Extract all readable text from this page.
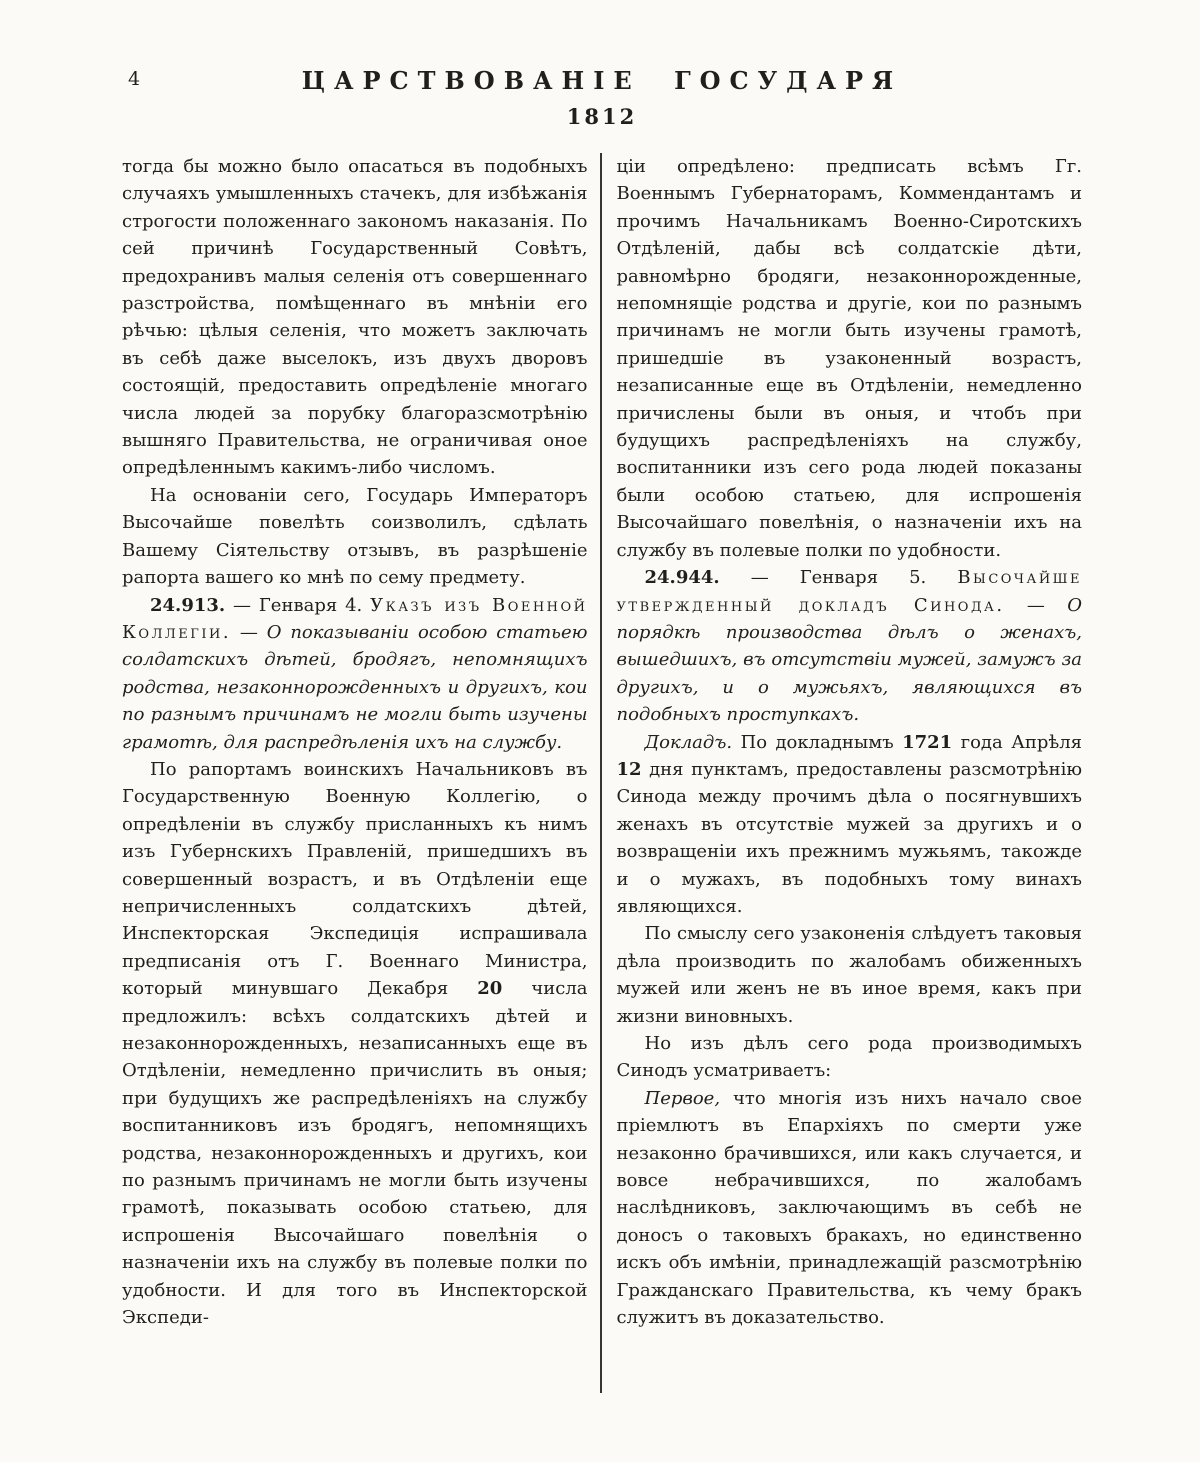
4	ЦАРСТВОВАНІЕ ГОСУДАРЯ
1812

тогда бы можно было опасаться въ подобныхъ случаяхъ умышленныхъ стачекъ, для избѣжанія строгости положеннаго закономъ наказанія. По сей причинѣ Государственный Совѣтъ, предохранивъ малыя селенія отъ совершеннаго разстройства, помѣщеннаго въ мнѣніи его рѣчью: цѣлыя селенія, что можетъ заключать въ себѣ даже выселокъ, изъ двухъ дворовъ состоящій, предоставить опредѣленіе многаго числа людей за порубку благоразсмотрѣнію вышняго Правительства, не ограничивая оное опредѣленнымъ какимъ-либо числомъ.

На основаніи сего, Государь Императоръ Высочайше повелѣть соизволилъ, сдѣлать Вашему Сіятельству отзывъ, въ разрѣшеніе рапорта вашего ко мнѣ по сему предмету.

24.913. — Генваря 4. Указъ изъ Военной Коллегіи. — О показываніи особою статьею солдатскихъ дѣтей, бродягъ, непомнящихъ родства, незаконнорожденныхъ и другихъ, кои по разнымъ причинамъ не могли быть изучены грамотѣ, для распредѣленія ихъ на службу.

По рапортамъ воинскихъ Начальниковъ въ Государственную Военную Коллегію, о опредѣленіи въ службу присланныхъ къ нимъ изъ Губернскихъ Правленій, пришедшихъ въ совершенный возрастъ, и въ Отдѣленіи еще непричисленныхъ солдатскихъ дѣтей, Инспекторская Экспедиція испрашивала предписанія отъ Г. Военнаго Министра, который минувшаго Декабря 20 числа предложилъ: всѣхъ солдатскихъ дѣтей и незаконнорожденныхъ, незаписанныхъ еще въ Отдѣленіи, немедленно причислить въ оныя; при будущихъ же распредѣленіяхъ на службу воспитанниковъ изъ бродягъ, непомнящихъ родства, незаконнорожденныхъ и другихъ, кои по разнымъ причинамъ не могли быть изучены грамотѣ, показывать особою статьею, для испрошенія Высочайшаго повелѣнія о назначеніи ихъ на службу въ полевые полки по удобности. И для того въ Инспекторской Экспеди-

ціи опредѣлено: предписать всѣмъ Гг. Военнымъ Губернаторамъ, Коммендантамъ и прочимъ Начальникамъ Военно-Сиротскихъ Отдѣленій, дабы всѣ солдатскіе дѣти, равномѣрно бродяги, незаконнорожденные, непомнящіе родства и другіе, кои по разнымъ причинамъ не могли быть изучены грамотѣ, пришедшіе въ узаконенный возрастъ, незаписанные еще въ Отдѣленіи, немедленно причислены были въ оныя, и чтобъ при будущихъ распредѣленіяхъ на службу, воспитанники изъ сего рода людей показаны были особою статьею, для испрошенія Высочайшаго повелѣнія, о назначеніи ихъ на службу въ полевые полки по удобности.

24.944. — Генваря 5. Высочайше утвержденный докладъ Синода. — О порядкѣ производства дѣлъ о женахъ, вышедшихъ, въ отсутствіи мужей, замужъ за другихъ, и о мужьяхъ, являющихся въ подобныхъ проступкахъ.

Докладъ. По докладнымъ 1721 года Апрѣля 12 дня пунктамъ, предоставлены разсмотрѣнію Синода между прочимъ дѣла о посягнувшихъ женахъ въ отсутствіе мужей за другихъ и о возвращеніи ихъ прежнимъ мужьямъ, такожде и о мужахъ, въ подобныхъ тому винахъ являющихся.

По смыслу сего узаконенія слѣдуетъ таковыя дѣла производить по жалобамъ обиженныхъ мужей или женъ не въ иное время, какъ при жизни виновныхъ.

Но изъ дѣлъ сего рода производимыхъ Синодъ усматриваетъ:

Первое, что многія изъ нихъ начало свое пріемлютъ въ Епархіяхъ по смерти уже незаконно брачившихся, или какъ случается, и вовсе небрачившихся, по жалобамъ наслѣдниковъ, заключающимъ въ себѣ не доносъ о таковыхъ бракахъ, но единственно искъ объ имѣніи, принадлежащій разсмотрѣнію Гражданскаго Правительства, къ чему бракъ служитъ въ доказательство.
